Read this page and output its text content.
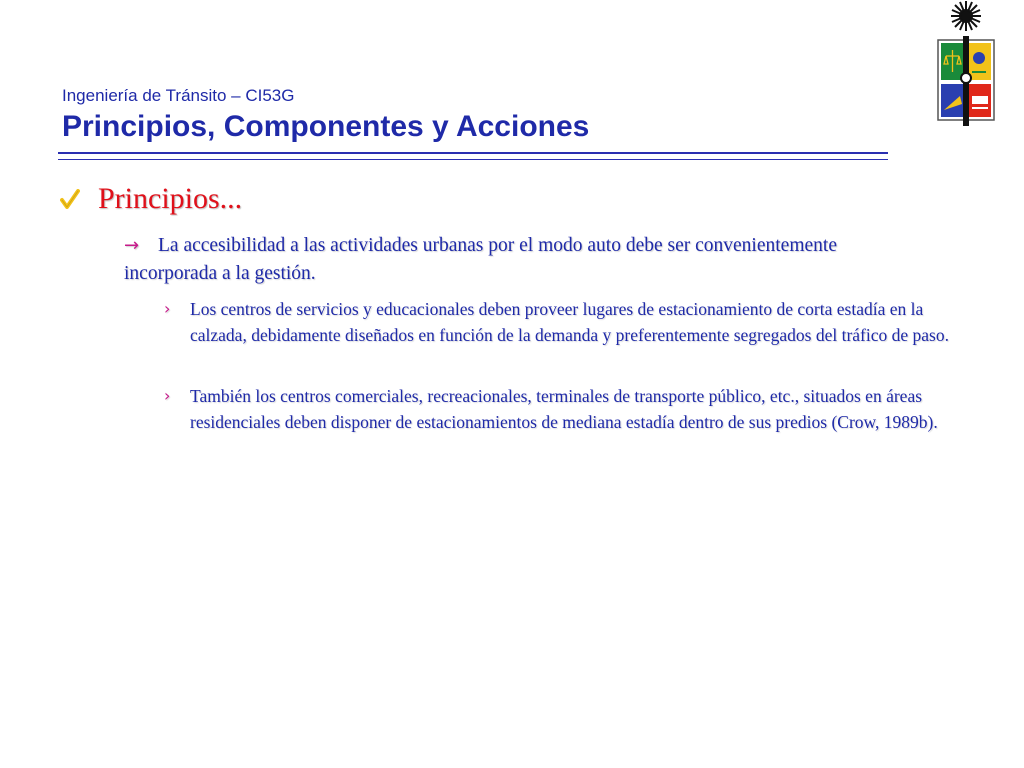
Ingeniería de Tránsito – CI53G
Principios, Componentes y Acciones
Principios...
→ La accesibilidad a las actividades urbanas por el modo auto debe ser convenientemente incorporada a la gestión.
› Los centros de servicios y educacionales deben proveer lugares de estacionamiento de corta estadía en la calzada, debidamente diseñados en función de la demanda y preferentemente segregados del tráfico de paso.
› También los centros comerciales, recreacionales, terminales de transporte público, etc., situados en áreas residenciales deben disponer de estacionamientos de mediana estadía dentro de sus predios (Crow, 1989b).
